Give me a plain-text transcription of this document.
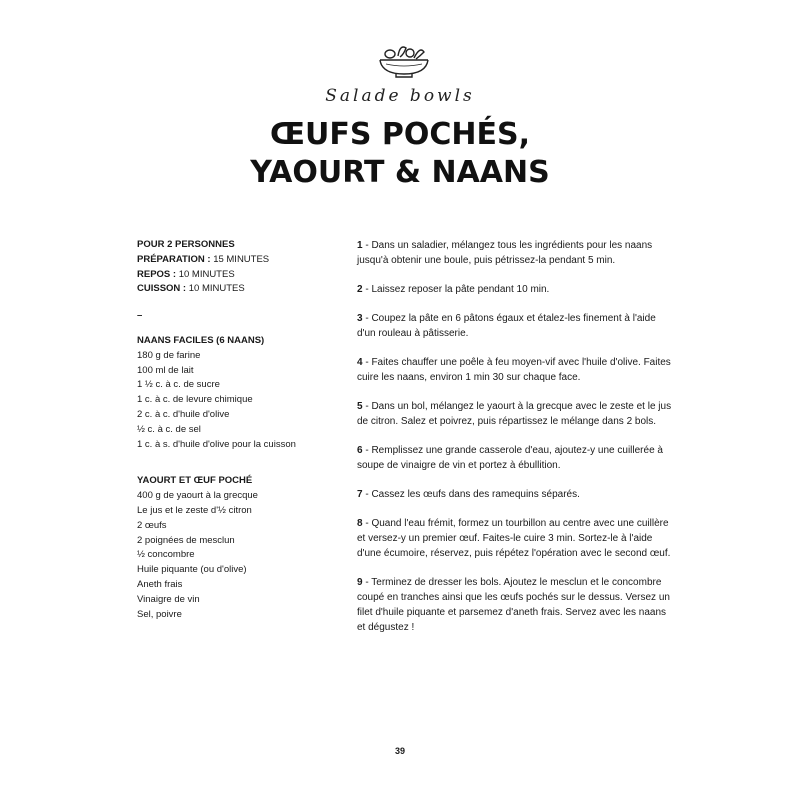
Salade bowls
ŒUFS POCHÉS,
YAOURT & NAANS

POUR 2 PERSONNES

PRÉPARATION : 15 MINUTES

REPOS : 10 MINUTES

CUISSON : 10 MINUTES

–

NAANS FACILES (6 NAANS)

180 g de farine

100 ml de lait

1 ½ c. à c. de sucre

1 c. à c. de levure chimique

2 c. à c. d'huile d'olive

½ c. à c. de sel

1 c. à s. d'huile d'olive pour la cuisson

YAOURT ET ŒUF POCHÉ

400 g de yaourt à la grecque

Le jus et le zeste d'½ citron

2 œufs

2 poignées de mesclun

½ concombre

Huile piquante (ou d'olive)

Aneth frais

Vinaigre de vin

Sel, poivre

1 - Dans un saladier, mélangez tous les ingrédients pour les naans jusqu'à obtenir une boule, puis pétrissez-la pendant 5 min.

2 - Laissez reposer la pâte pendant 10 min.

3 - Coupez la pâte en 6 pâtons égaux et étalez-les finement à l'aide d'un rouleau à pâtisserie.

4 - Faites chauffer une poêle à feu moyen-vif avec l'huile d'olive. Faites cuire les naans, environ 1 min 30 sur chaque face.

5 - Dans un bol, mélangez le yaourt à la grecque avec le zeste et le jus de citron. Salez et poivrez, puis répartissez le mélange dans 2 bols.

6 - Remplissez une grande casserole d'eau, ajoutez-y une cuillerée à soupe de vinaigre de vin et portez à ébullition.

7 - Cassez les œufs dans des ramequins séparés.

8 - Quand l'eau frémit, formez un tourbillon au centre avec une cuillère et versez-y un premier œuf. Faites-le cuire 3 min. Sortez-le à l'aide d'une écumoire, réservez, puis répétez l'opération avec le second œuf.

9 - Terminez de dresser les bols. Ajoutez le mesclun et le concombre coupé en tranches ainsi que les œufs pochés sur le dessus. Versez un filet d'huile piquante et parsemez d'aneth frais. Servez avec les naans et dégustez !

39
